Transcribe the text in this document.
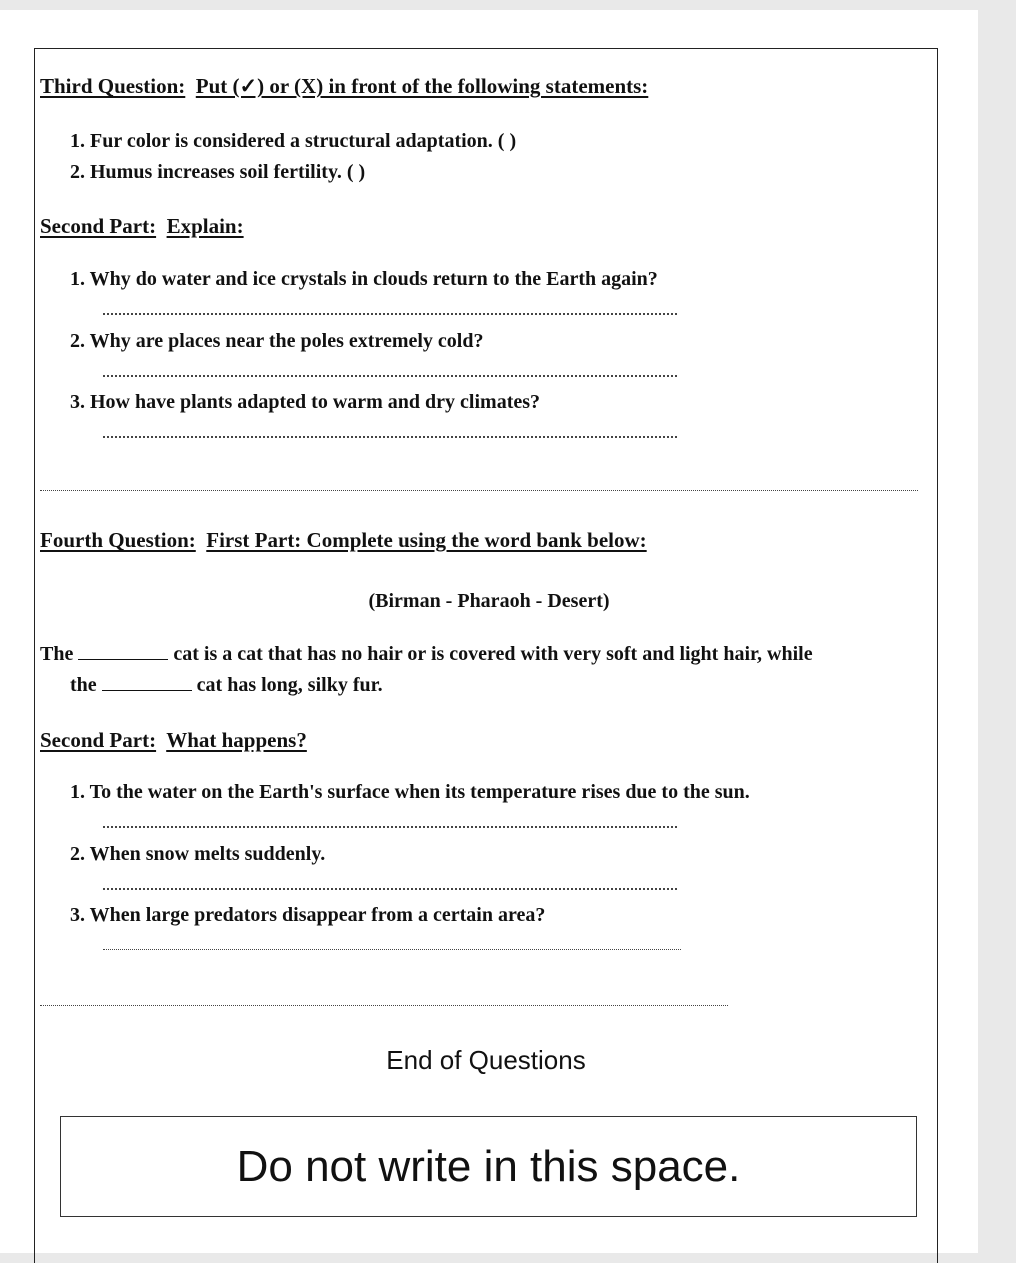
Third Question: Put (✓) or (X) in front of the following statements:
1. Fur color is considered a structural adaptation. ( )
2. Humus increases soil fertility. ( )
Second Part: Explain:
1. Why do water and ice crystals in clouds return to the Earth again?
2. Why are places near the poles extremely cold?
3. How have plants adapted to warm and dry climates?
Fourth Question: First Part: Complete using the word bank below:
(Birman - Pharaoh - Desert)
The	cat is a cat that has no hair or is covered with very soft and light hair, while
the	cat has long, silky fur.
Second Part: What happens?
1. To the water on the Earth's surface when its temperature rises due to the sun.
2. When snow melts suddenly.
3. When large predators disappear from a certain area?
End of Questions
Do not write in this space.
